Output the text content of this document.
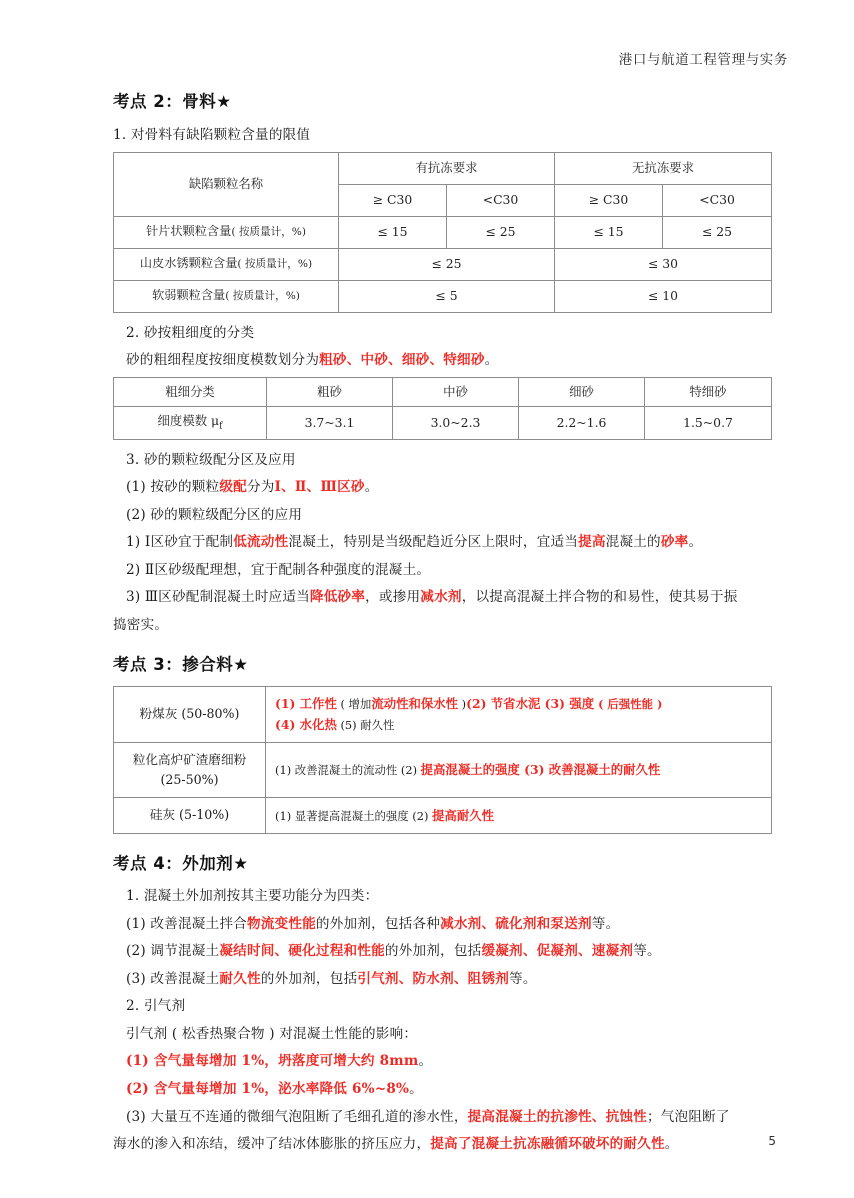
港口与航道工程管理与实务
考点 2：骨料★

1. 对骨料有缺陷颗粒含量的限值

缺陷颗粒名称	有抗冻要求		无抗冻要求	
	≥ C30	<C30	≥ C30	<C30
针片状颗粒含量( 按质量计，%)	≤ 15	≤ 25	≤ 15	≤ 25
山皮水锈颗粒含量( 按质量计，%)	≤ 25		≤ 30	
软弱颗粒含量( 按质量计，%)	≤ 5		≤ 10	

2. 砂按粗细度的分类

砂的粗细程度按细度模数划分为粗砂、中砂、细砂、特细砂。

粗细分类	粗砂	中砂	细砂	特细砂
细度模数 $\mu_f$	3.7~3.1	3.0~2.3	2.2~1.6	1.5~0.7

3. 砂的颗粒级配分区及应用

(1) 按砂的颗粒级配分为Ⅰ、Ⅱ、Ⅲ区砂。

(2) 砂的颗粒级配分区的应用

1) Ⅰ区砂宜于配制低流动性混凝土，特别是当级配趋近分区上限时，宜适当提高混凝土的砂率。

2) Ⅱ区砂级配理想，宜于配制各种强度的混凝土。

3) Ⅲ区砂配制混凝土时应适当降低砂率，或掺用减水剂，以提高混凝土拌合物的和易性，使其易于振

捣密实。

考点 3：掺合料★
粉煤灰 (50-80%)	(1) 工作性 ( 增加流动性和保水性 )(2) 节省水泥 (3) 强度 ( 后强性能 )
(4) 水化热 (5) 耐久性
粒化高炉矿渣磨细粉
(25-50%)	(1) 改善混凝土的流动性 (2) 提高混凝土的强度 (3) 改善混凝土的耐久性
硅灰 (5-10%)	(1) 显著提高混凝土的强度 (2) 提高耐久性
考点 4：外加剂★

1. 混凝土外加剂按其主要功能分为四类：

(1) 改善混凝土拌合物流变性能的外加剂，包括各种减水剂、硫化剂和泵送剂等。

(2) 调节混凝土凝结时间、硬化过程和性能的外加剂，包括缓凝剂、促凝剂、速凝剂等。

(3) 改善混凝土耐久性的外加剂，包括引气剂、防水剂、阻锈剂等。

2. 引气剂

引气剂 ( 松香热聚合物 ) 对混凝土性能的影响：

(1) 含气量每增加 1%，坍落度可增大约 8mm。

(2) 含气量每增加 1%，泌水率降低 6%~8%。

(3) 大量互不连通的微细气泡阻断了毛细孔道的渗水性，提高混凝土的抗渗性、抗蚀性；气泡阻断了

海水的渗入和冻结，缓冲了结冰体膨胀的挤压应力，提高了混凝土抗冻融循环破坏的耐久性。	5
